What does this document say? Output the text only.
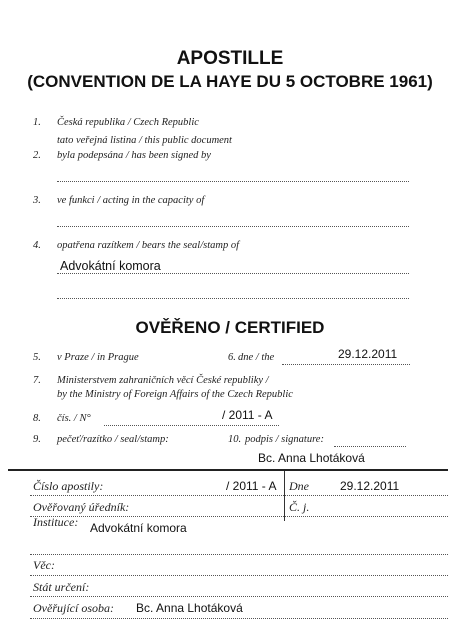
APOSTILLE
(CONVENTION DE LA HAYE DU 5 OCTOBRE 1961)
1. Česká republika / Czech Republic
tato veřejná listina / this public document
2. byla podepsána / has been signed by
3. ve funkci / acting in the capacity of
4. opatřena razítkem / bears the seal/stamp of
Advokátní komora
OVĚŘENO / CERTIFIED
5. v Praze / in Prague	6. dne / the	29.12.2011
7. Ministerstvem zahraničních věcí České republiky /
by the Ministry of Foreign Affairs of the Czech Republic
8. čís. / N°	/ 2011 - A
9. pečeť/razítko / seal/stamp:	10. podpis / signature:
Bc. Anna Lhotáková
Číslo apostily:	/ 2011 - A Dne	29.12.2011
Ověřovaný úředník:	Č. j.
Instituce: Advokátní komora
Věc:
Stát určení:
Ověřující osoba: Bc. Anna Lhotáková
